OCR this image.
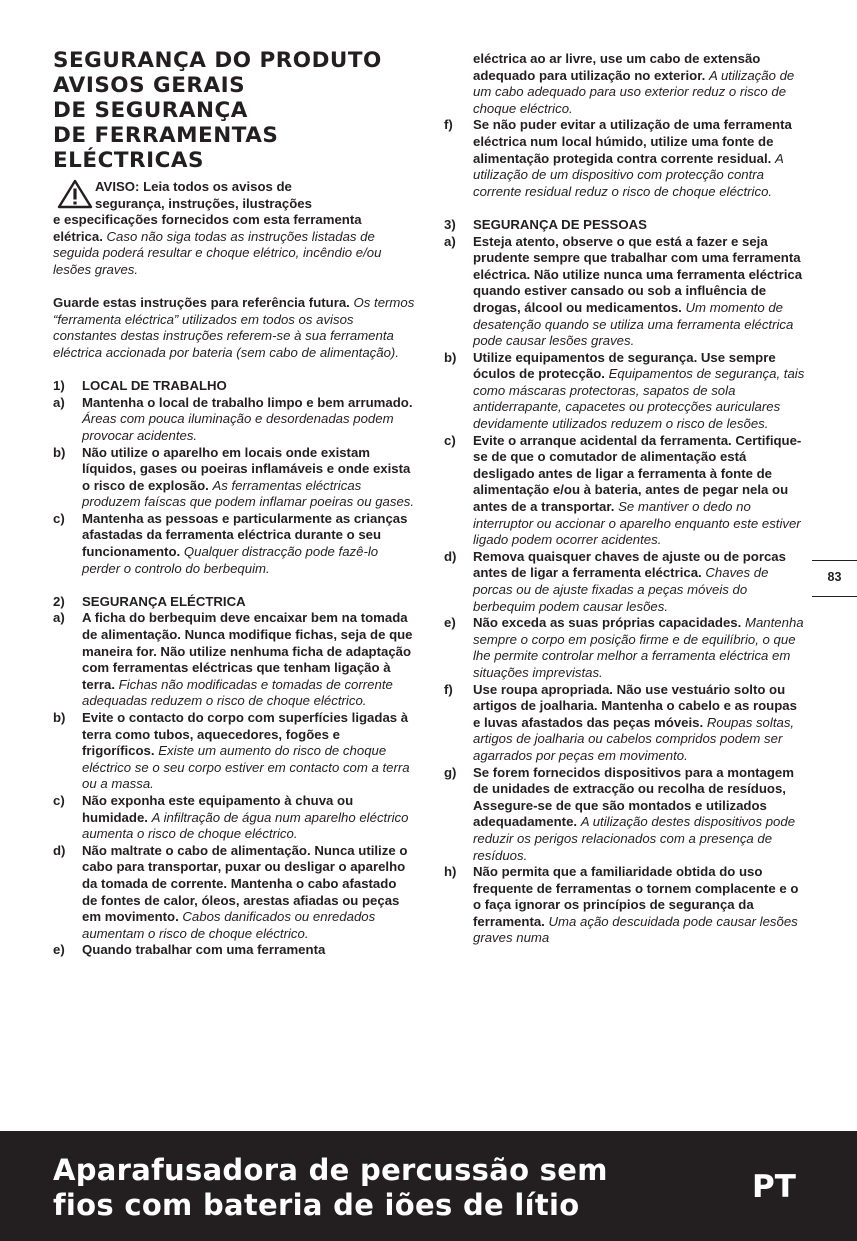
SEGURANÇA DO PRODUTO
AVISOS GERAIS
DE SEGURANÇA
DE FERRAMENTAS
ELÉCTRICAS
AVISO: Leia todos os avisos de
segurança, instruções, ilustrações
e especificações fornecidos com esta ferramenta elétrica. Caso não siga todas as instruções listadas de seguida poderá resultar e choque elétrico, incêndio e/ou lesões graves.
Guarde estas instruções para referência futura. Os termos “ferramenta eléctrica” utilizados em todos os avisos constantes destas instruções referem-se à sua ferramenta eléctrica accionada por bateria (sem cabo de alimentação).
1)	LOCAL DE TRABALHO
a)	Mantenha o local de trabalho limpo e bem arrumado. Áreas com pouca iluminação e desordenadas podem provocar acidentes.
b)	Não utilize o aparelho em locais onde existam líquidos, gases ou poeiras inflamáveis e onde exista o risco de explosão. As ferramentas eléctricas produzem faíscas que podem inflamar poeiras ou gases.
c)	Mantenha as pessoas e particularmente as crianças afastadas da ferramenta eléctrica durante o seu funcionamento. Qualquer distracção pode fazê-lo perder o controlo do berbequim.
2)	SEGURANÇA ELÉCTRICA
a)	A ficha do berbequim deve encaixar bem na tomada de alimentação. Nunca modifique fichas, seja de que maneira for. Não utilize nenhuma ficha de adaptação com ferramentas eléctricas que tenham ligação à terra. Fichas não modificadas e tomadas de corrente adequadas reduzem o risco de choque eléctrico.
b)	Evite o contacto do corpo com superfícies ligadas à terra como tubos, aquecedores, fogões e frigoríficos. Existe um aumento do risco de choque eléctrico se o seu corpo estiver em contacto com a terra ou a massa.
c)	Não exponha este equipamento à chuva ou humidade. A infiltração de água num aparelho eléctrico aumenta o risco de choque eléctrico.
d)	Não maltrate o cabo de alimentação. Nunca utilize o cabo para transportar, puxar ou desligar o aparelho da tomada de corrente. Mantenha o cabo afastado de fontes de calor, óleos, arestas afiadas ou peças em movimento. Cabos danificados ou enredados aumentam o risco de choque eléctrico.
e)	Quando trabalhar com uma ferramenta
eléctrica ao ar livre, use um cabo de extensão adequado para utilização no exterior. A utilização de um cabo adequado para uso exterior reduz o risco de choque eléctrico.
f)	Se não puder evitar a utilização de uma ferramenta eléctrica num local húmido, utilize uma fonte de alimentação protegida contra corrente residual. A utilização de um dispositivo com protecção contra corrente residual reduz o risco de choque eléctrico.
3)	SEGURANÇA DE PESSOAS
a)	Esteja atento, observe o que está a fazer e seja prudente sempre que trabalhar com uma ferramenta eléctrica. Não utilize nunca uma ferramenta eléctrica quando estiver cansado ou sob a influência de drogas, álcool ou medicamentos. Um momento de desatenção quando se utiliza uma ferramenta eléctrica pode causar lesões graves.
b)	Utilize equipamentos de segurança. Use sempre óculos de protecção. Equipamentos de segurança, tais como máscaras protectoras, sapatos de sola antiderrapante, capacetes ou protecções auriculares devidamente utilizados reduzem o risco de lesões.
c)	Evite o arranque acidental da ferramenta. Certifique-se de que o comutador de alimentação está desligado antes de ligar a ferramenta à fonte de alimentação e/ou à bateria, antes de pegar nela ou antes de a transportar. Se mantiver o dedo no interruptor ou accionar o aparelho enquanto este estiver ligado podem ocorrer acidentes.
d)	Remova quaisquer chaves de ajuste ou de porcas antes de ligar a ferramenta eléctrica. Chaves de porcas ou de ajuste fixadas a peças móveis do berbequim podem causar lesões.
e)	Não exceda as suas próprias capacidades. Mantenha sempre o corpo em posição firme e de equilíbrio, o que lhe permite controlar melhor a ferramenta eléctrica em situações imprevistas.
f)	Use roupa apropriada. Não use vestuário solto ou artigos de joalharia. Mantenha o cabelo e as roupas e luvas afastados das peças móveis. Roupas soltas, artigos de joalharia ou cabelos compridos podem ser agarrados por peças em movimento.
g)	Se forem fornecidos dispositivos para a montagem de unidades de extracção ou recolha de resíduos, Assegure-se de que são montados e utilizados adequadamente. A utilização destes dispositivos pode reduzir os perigos relacionados com a presença de resíduos.
h)	Não permita que a familiaridade obtida do uso frequente de ferramentas o tornem complacente e o o faça ignorar os princípios de segurança da ferramenta. Uma ação descuidada pode causar lesões graves numa
83
Aparafusadora de percussão sem
fios com bateria de iões de lítio	PT
